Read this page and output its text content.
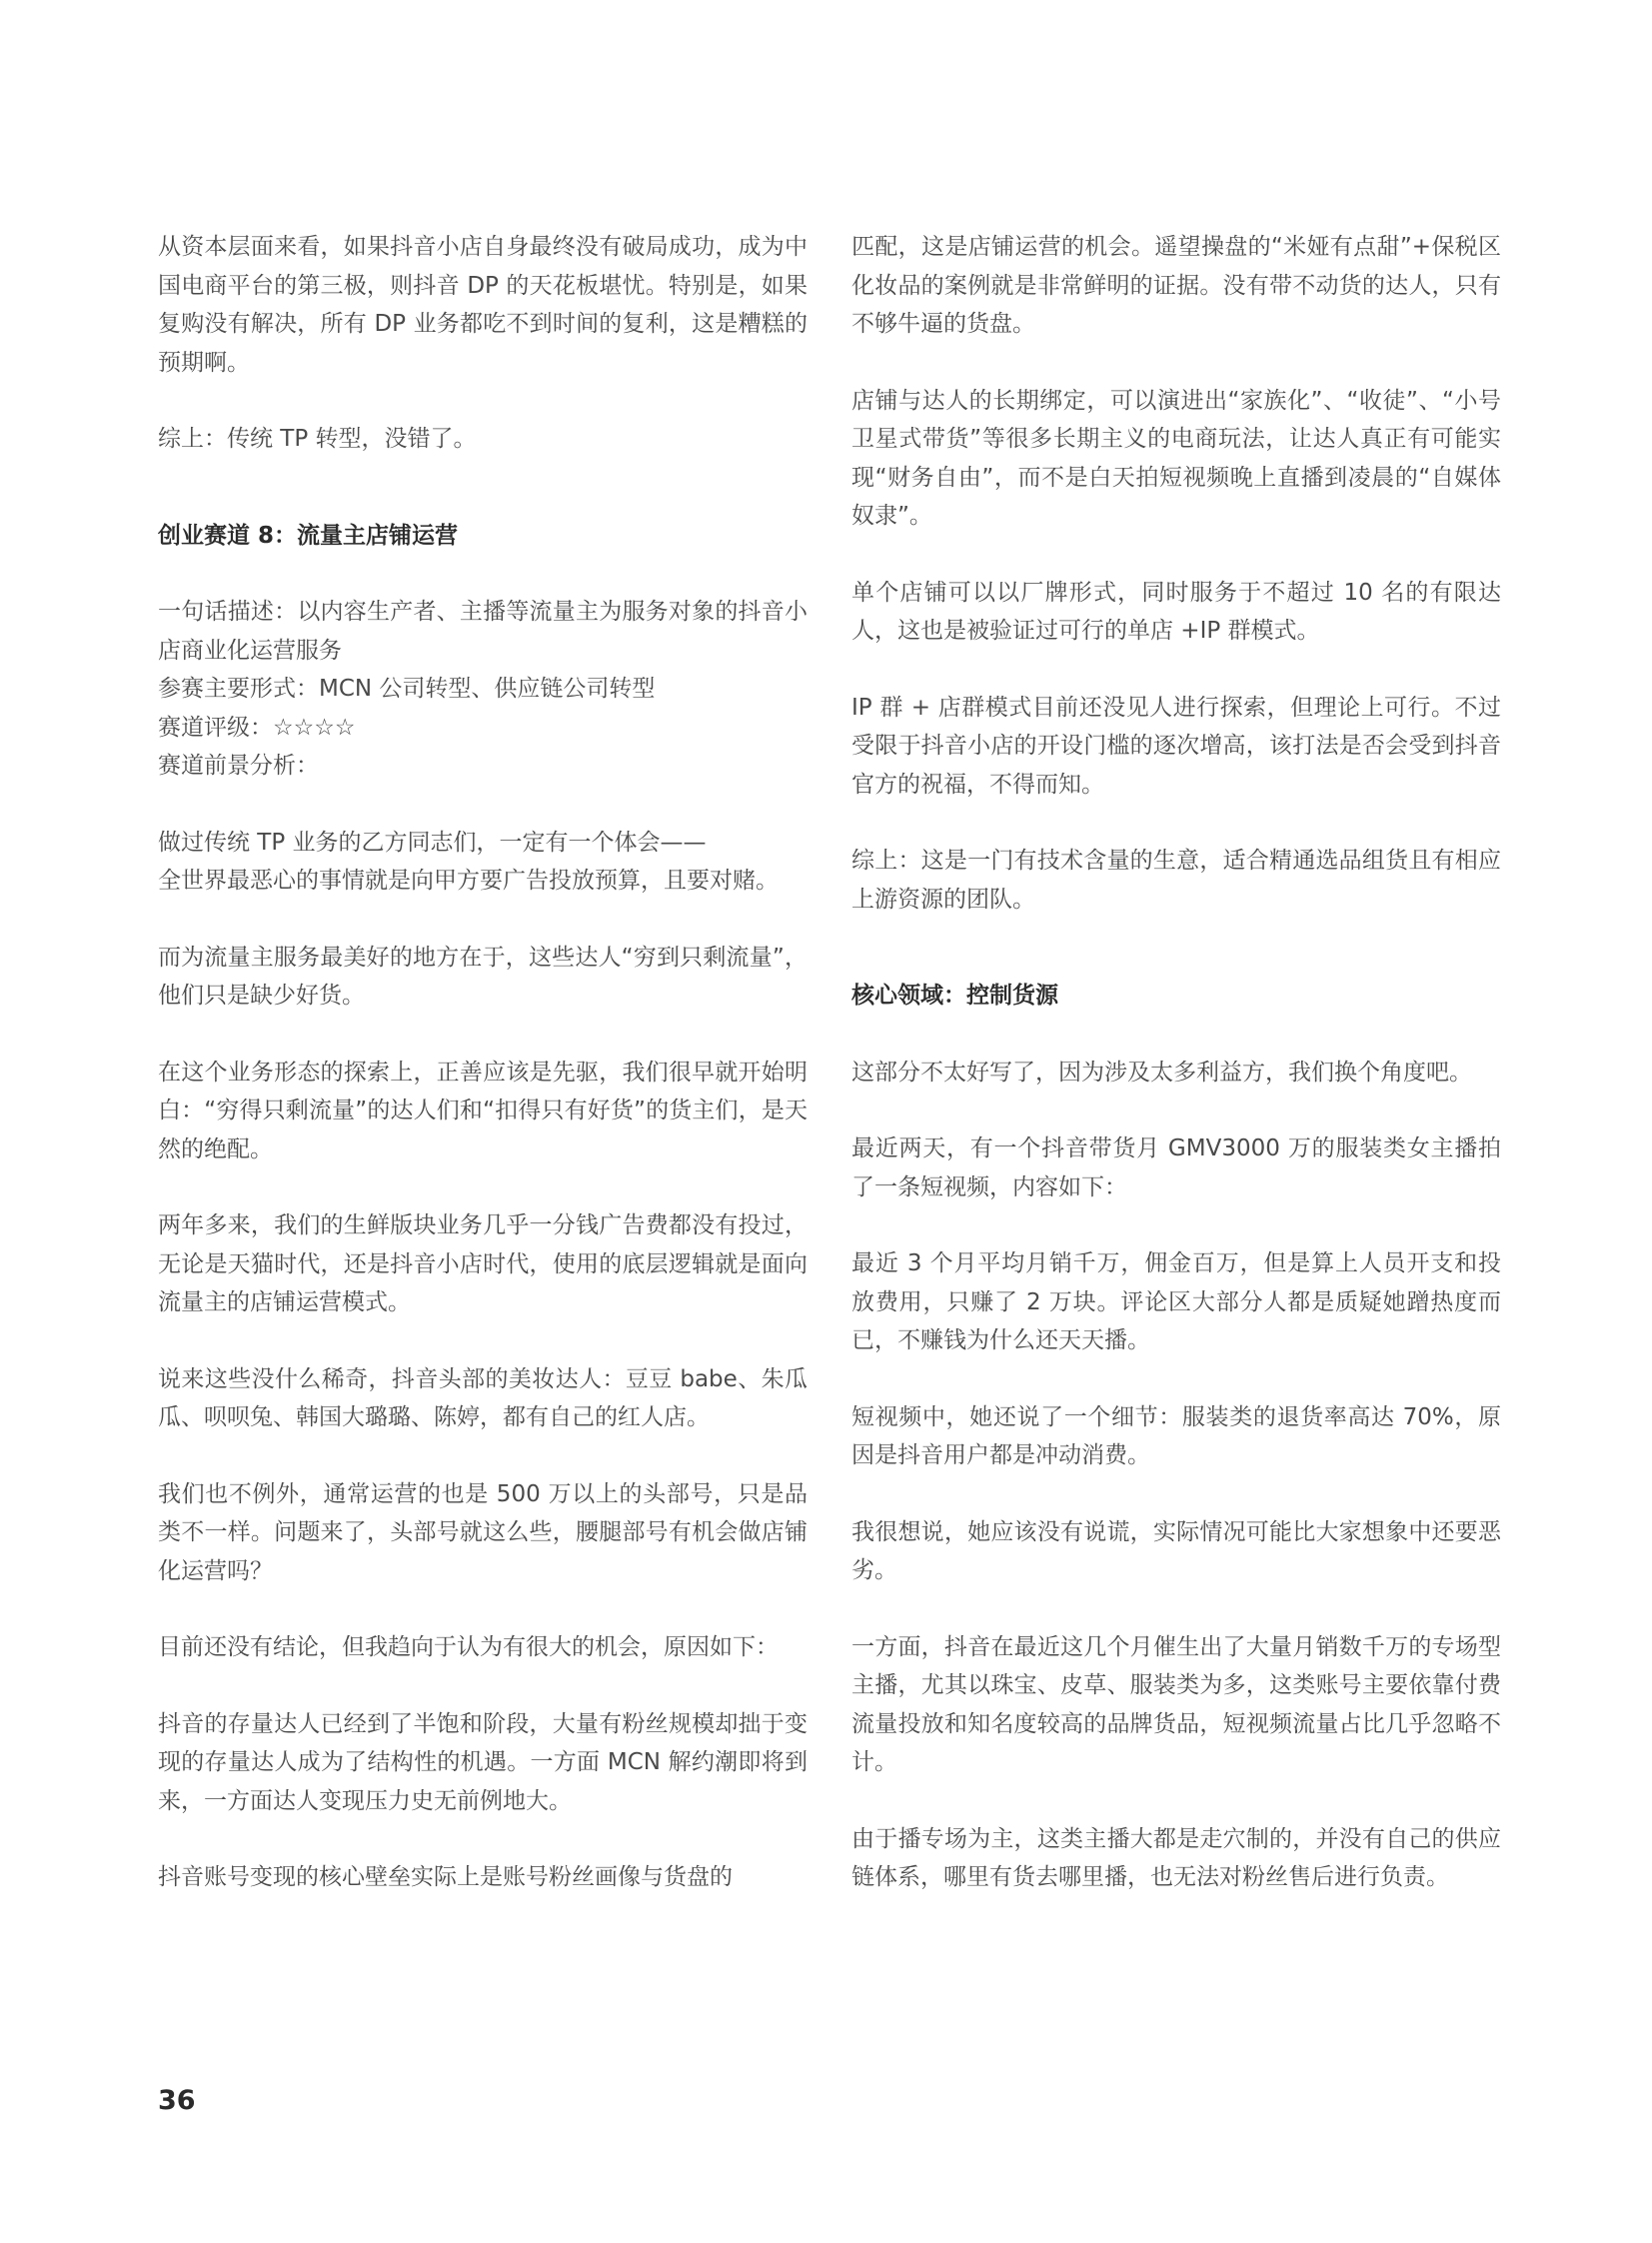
从资本层面来看，如果抖音小店自身最终没有破局成功，成为中国电商平台的第三极，则抖音 DP 的天花板堪忧。特别是，如果复购没有解决，所有 DP 业务都吃不到时间的复利，这是糟糕的预期啊。

综上：传统 TP 转型，没错了。

创业赛道 8：流量主店铺运营

一句话描述：以内容生产者、主播等流量主为服务对象的抖音小店商业化运营服务

参赛主要形式：MCN 公司转型、供应链公司转型

赛道评级：☆☆☆☆

赛道前景分析：

做过传统 TP 业务的乙方同志们，一定有一个体会——

全世界最恶心的事情就是向甲方要广告投放预算，且要对赌。

而为流量主服务最美好的地方在于，这些达人“穷到只剩流量”，他们只是缺少好货。

在这个业务形态的探索上，正善应该是先驱，我们很早就开始明白：“穷得只剩流量”的达人们和“扣得只有好货”的货主们，是天然的绝配。

两年多来，我们的生鲜版块业务几乎一分钱广告费都没有投过，无论是天猫时代，还是抖音小店时代，使用的底层逻辑就是面向流量主的店铺运营模式。

说来这些没什么稀奇，抖音头部的美妆达人：豆豆 babe、朱瓜瓜、呗呗兔、韩国大璐璐、陈婷，都有自己的红人店。

我们也不例外，通常运营的也是 500 万以上的头部号，只是品类不一样。问题来了，头部号就这么些，腰腿部号有机会做店铺化运营吗？

目前还没有结论，但我趋向于认为有很大的机会，原因如下：

抖音的存量达人已经到了半饱和阶段，大量有粉丝规模却拙于变现的存量达人成为了结构性的机遇。一方面 MCN 解约潮即将到来，一方面达人变现压力史无前例地大。

抖音账号变现的核心壁垒实际上是账号粉丝画像与货盘的

匹配，这是店铺运营的机会。遥望操盘的“米娅有点甜”+保税区化妆品的案例就是非常鲜明的证据。没有带不动货的达人，只有不够牛逼的货盘。

店铺与达人的长期绑定，可以演进出“家族化”、“收徒”、“小号卫星式带货”等很多长期主义的电商玩法，让达人真正有可能实现“财务自由”，而不是白天拍短视频晚上直播到凌晨的“自媒体奴隶”。

单个店铺可以以厂牌形式，同时服务于不超过 10 名的有限达人，这也是被验证过可行的单店 +IP 群模式。

IP 群 + 店群模式目前还没见人进行探索，但理论上可行。不过受限于抖音小店的开设门槛的逐次增高，该打法是否会受到抖音官方的祝福，不得而知。

综上：这是一门有技术含量的生意，适合精通选品组货且有相应上游资源的团队。

核心领域：控制货源

这部分不太好写了，因为涉及太多利益方，我们换个角度吧。

最近两天，有一个抖音带货月 GMV3000 万的服装类女主播拍了一条短视频，内容如下：

最近 3 个月平均月销千万，佣金百万，但是算上人员开支和投放费用，只赚了 2 万块。评论区大部分人都是质疑她蹭热度而已，不赚钱为什么还天天播。

短视频中，她还说了一个细节：服装类的退货率高达 70%，原因是抖音用户都是冲动消费。

我很想说，她应该没有说谎，实际情况可能比大家想象中还要恶劣。

一方面，抖音在最近这几个月催生出了大量月销数千万的专场型主播，尤其以珠宝、皮草、服装类为多，这类账号主要依靠付费流量投放和知名度较高的品牌货品，短视频流量占比几乎忽略不计。

由于播专场为主，这类主播大都是走穴制的，并没有自己的供应链体系，哪里有货去哪里播，也无法对粉丝售后进行负责。

36
